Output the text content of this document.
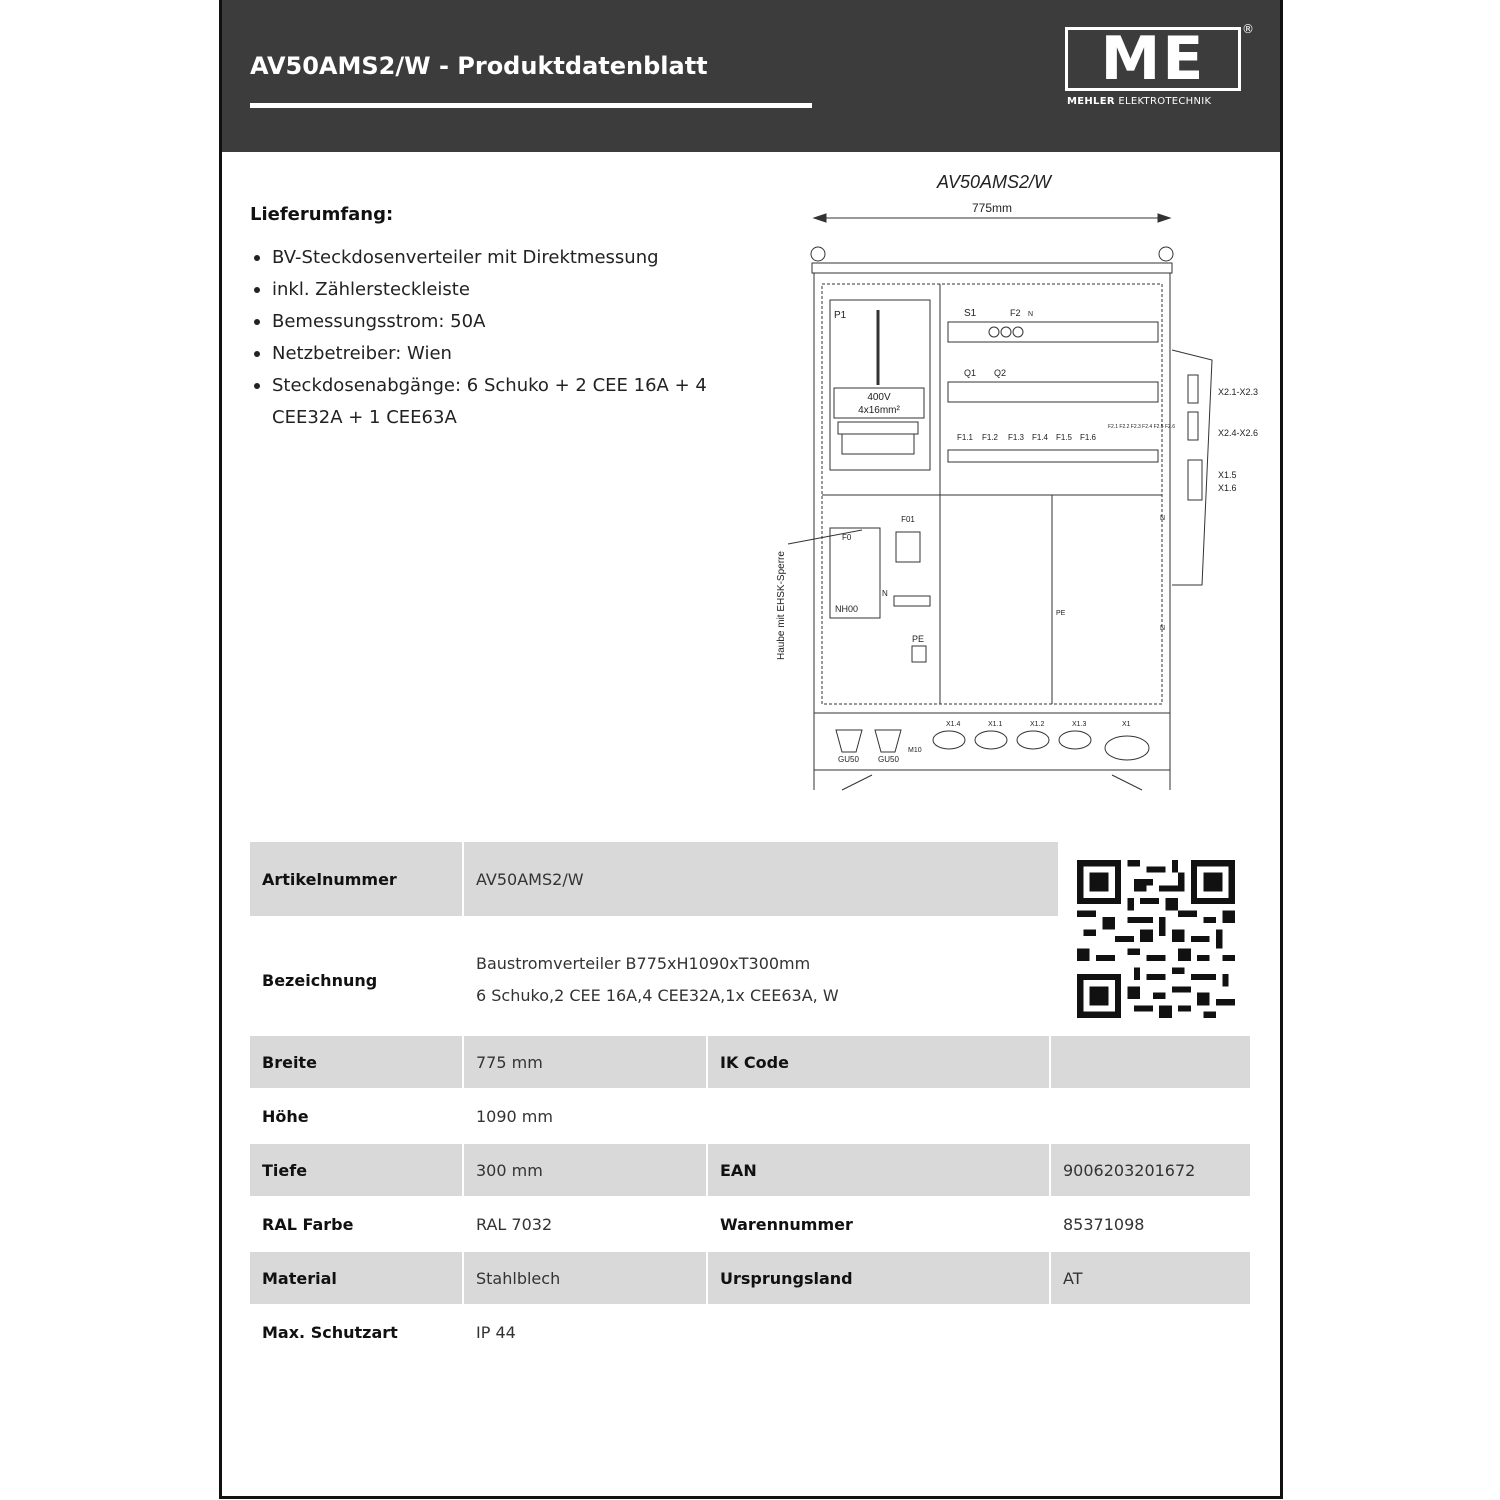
AV50AMS2/W - Produktdatenblatt	ME	®
MEHLER ELEKTROTECHNIK
Lieferumfang:
BV-Steckdosenverteiler mit Direktmessung
inkl. Zählersteckleiste
Bemessungsstrom: 50A
Netzbetreiber: Wien
Steckdosenabgänge: 6 Schuko + 2 CEE 16A + 4 CEE32A + 1 CEE63A
AV50AMS2/W
775mm
P1
400V
4x16mm²
S1	F2 N
Q1 Q2
F1.1 F1.2 F1.3 F1.4 F1.5 F1.6
F2.1 F2.2 F2.3 F2.4 F2.5 F2.6
X2.1-X2.3
X2.4-X2.6
X1.5
X1.6
F0
NH00
F01
N
PE
PE
N
N
Haube mit EHSK-Sperre
GU50 GU50
M10
X1.4	X1.1	X1.2	X1.3	X1
Artikelnummer	AV50AMS2/W
Bezeichnung
Baustromverteiler B775xH1090xT300mm
6 Schuko,2 CEE 16A,4 CEE32A,1x CEE63A, W
Breite	775 mm	IK Code
Höhe	1090 mm
Tiefe	300 mm	EAN	9006203201672
RAL Farbe	RAL 7032	Warennummer	85371098
Material	Stahlblech	Ursprungsland	AT
Max. Schutzart	IP 44
